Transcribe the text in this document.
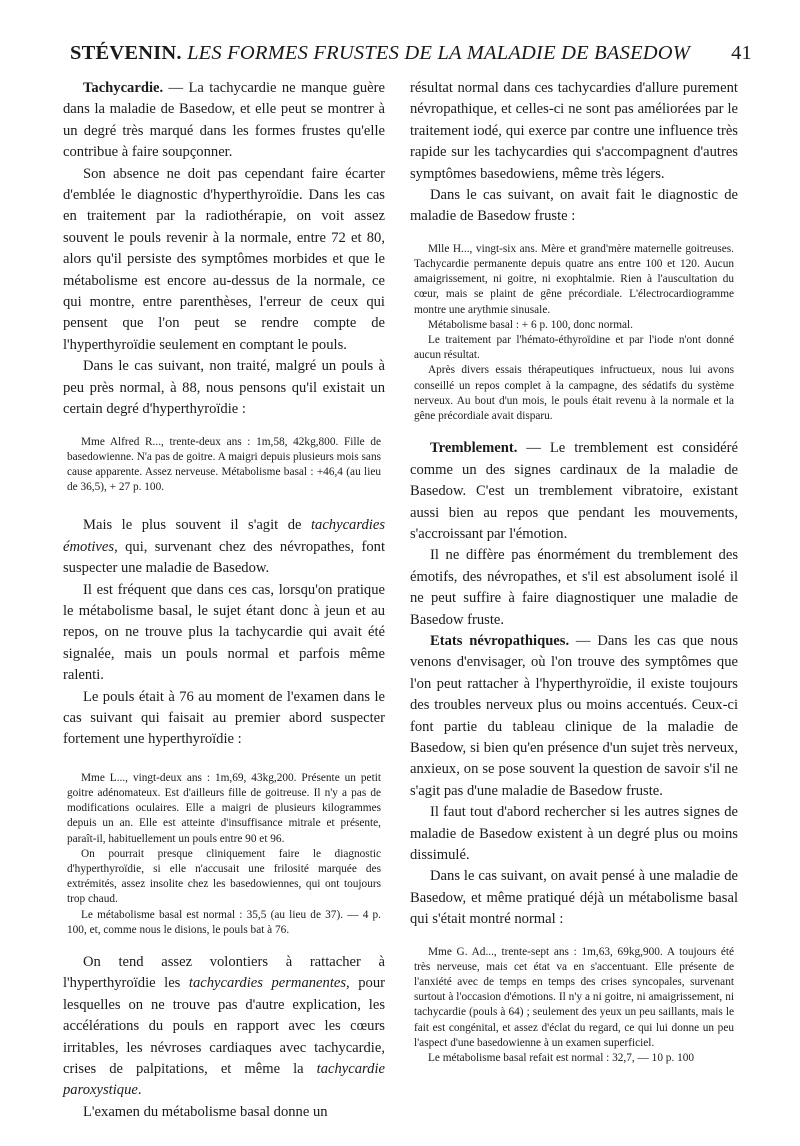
STÉVENIN. LES FORMES FRUSTES DE LA MALADIE DE BASEDOW 41

Tachycardie. — La tachycardie ne manque guère dans la maladie de Basedow, et elle peut se montrer à un degré très marqué dans les formes frustes qu'elle contribue à faire soupçonner.

Son absence ne doit pas cependant faire écarter d'emblée le diagnostic d'hyperthyroïdie. Dans les cas en traitement par la radiothérapie, on voit assez souvent le pouls revenir à la normale, entre 72 et 80, alors qu'il persiste des symptômes morbides et que le métabolisme est encore au-dessus de la normale, ce qui montre, entre parenthèses, l'erreur de ceux qui pensent que l'on peut se rendre compte de l'hyperthyroïdie seulement en comptant le pouls.

Dans le cas suivant, non traité, malgré un pouls à peu près normal, à 88, nous pensons qu'il existait un certain degré d'hyperthyroïdie :

Mme Alfred R..., trente-deux ans : 1m,58, 42kg,800. Fille de basedowienne. N'a pas de goitre. A maigri depuis plusieurs mois sans cause apparente. Assez nerveuse. Métabolisme basal : +46,4 (au lieu de 36,5), + 27 p. 100.

Mais le plus souvent il s'agit de tachycardies émotives, qui, survenant chez des névropathes, font suspecter une maladie de Basedow.

Il est fréquent que dans ces cas, lorsqu'on pratique le métabolisme basal, le sujet étant donc à jeun et au repos, on ne trouve plus la tachycardie qui avait été signalée, mais un pouls normal et parfois même ralenti.

Le pouls était à 76 au moment de l'examen dans le cas suivant qui faisait au premier abord suspecter fortement une hyperthyroïdie :

Mme L..., vingt-deux ans : 1m,69, 43kg,200. Présente un petit goitre adénomateux. Est d'ailleurs fille de goitreuse. Il n'y a pas de modifications oculaires. Elle a maigri de plusieurs kilogrammes depuis un an. Elle est atteinte d'insuffisance mitrale et présente, paraît-il, habituellement un pouls entre 90 et 96.

On pourrait presque cliniquement faire le diagnostic d'hyperthyroïdie, si elle n'accusait une frilosité marquée des extrémités, assez insolite chez les basedowiennes, qui ont toujours trop chaud.

Le métabolisme basal est normal : 35,5 (au lieu de 37). — 4 p. 100, et, comme nous le disions, le pouls bat à 76.

On tend assez volontiers à rattacher à l'hyperthyroïdie les tachycardies permanentes, pour lesquelles on ne trouve pas d'autre explication, les accélérations du pouls en rapport avec les cœurs irritables, les névroses cardiaques avec tachycardie, crises de palpitations, et même la tachycardie paroxystique.

L'examen du métabolisme basal donne un

résultat normal dans ces tachycardies d'allure purement névropathique, et celles-ci ne sont pas améliorées par le traitement iodé, qui exerce par contre une influence très rapide sur les tachycardies qui s'accompagnent d'autres symptômes basedowiens, même très légers.

Dans le cas suivant, on avait fait le diagnostic de maladie de Basedow fruste :

Mlle H..., vingt-six ans. Mère et grand'mère maternelle goitreuses. Tachycardie permanente depuis quatre ans entre 100 et 120. Aucun amaigrissement, ni goitre, ni exophtalmie. Rien à l'auscultation du cœur, mais se plaint de gêne précordiale. L'électrocardiogramme montre une arythmie sinusale.

Métabolisme basal : + 6 p. 100, donc normal.

Le traitement par l'hémato-éthyroïdine et par l'iode n'ont donné aucun résultat.

Après divers essais thérapeutiques infructueux, nous lui avons conseillé un repos complet à la campagne, des sédatifs du système nerveux. Au bout d'un mois, le pouls était revenu à la normale et la gêne précordiale avait disparu.

Tremblement. — Le tremblement est considéré comme un des signes cardinaux de la maladie de Basedow. C'est un tremblement vibratoire, existant aussi bien au repos que pendant les mouvements, s'accroissant par l'émotion.

Il ne diffère pas énormément du tremblement des émotifs, des névropathes, et s'il est absolument isolé il ne peut suffire à faire diagnostiquer une maladie de Basedow fruste.

Etats névropathiques. — Dans les cas que nous venons d'envisager, où l'on trouve des symptômes que l'on peut rattacher à l'hyperthyroïdie, il existe toujours des troubles nerveux plus ou moins accentués. Ceux-ci font partie du tableau clinique de la maladie de Basedow, si bien qu'en présence d'un sujet très nerveux, anxieux, on se pose souvent la question de savoir s'il ne s'agit pas d'une maladie de Basedow fruste.

Il faut tout d'abord rechercher si les autres signes de maladie de Basedow existent à un degré plus ou moins dissimulé.

Dans le cas suivant, on avait pensé à une maladie de Basedow, et même pratiqué déjà un métabolisme basal qui s'était montré normal :

Mme G. Ad..., trente-sept ans : 1m,63, 69kg,900. A toujours été très nerveuse, mais cet état va en s'accentuant. Elle présente de l'anxiété avec de temps en temps des crises syncopales, survenant surtout à l'occasion d'émotions. Il n'y a ni goitre, ni amaigrissement, ni tachycardie (pouls à 64) ; seulement des yeux un peu saillants, mais le fait est congénital, et assez d'éclat du regard, ce qui lui donne un peu l'aspect d'une basedowienne à un examen superficiel.

Le métabolisme basal refait est normal : 32,7, — 10 p. 100
